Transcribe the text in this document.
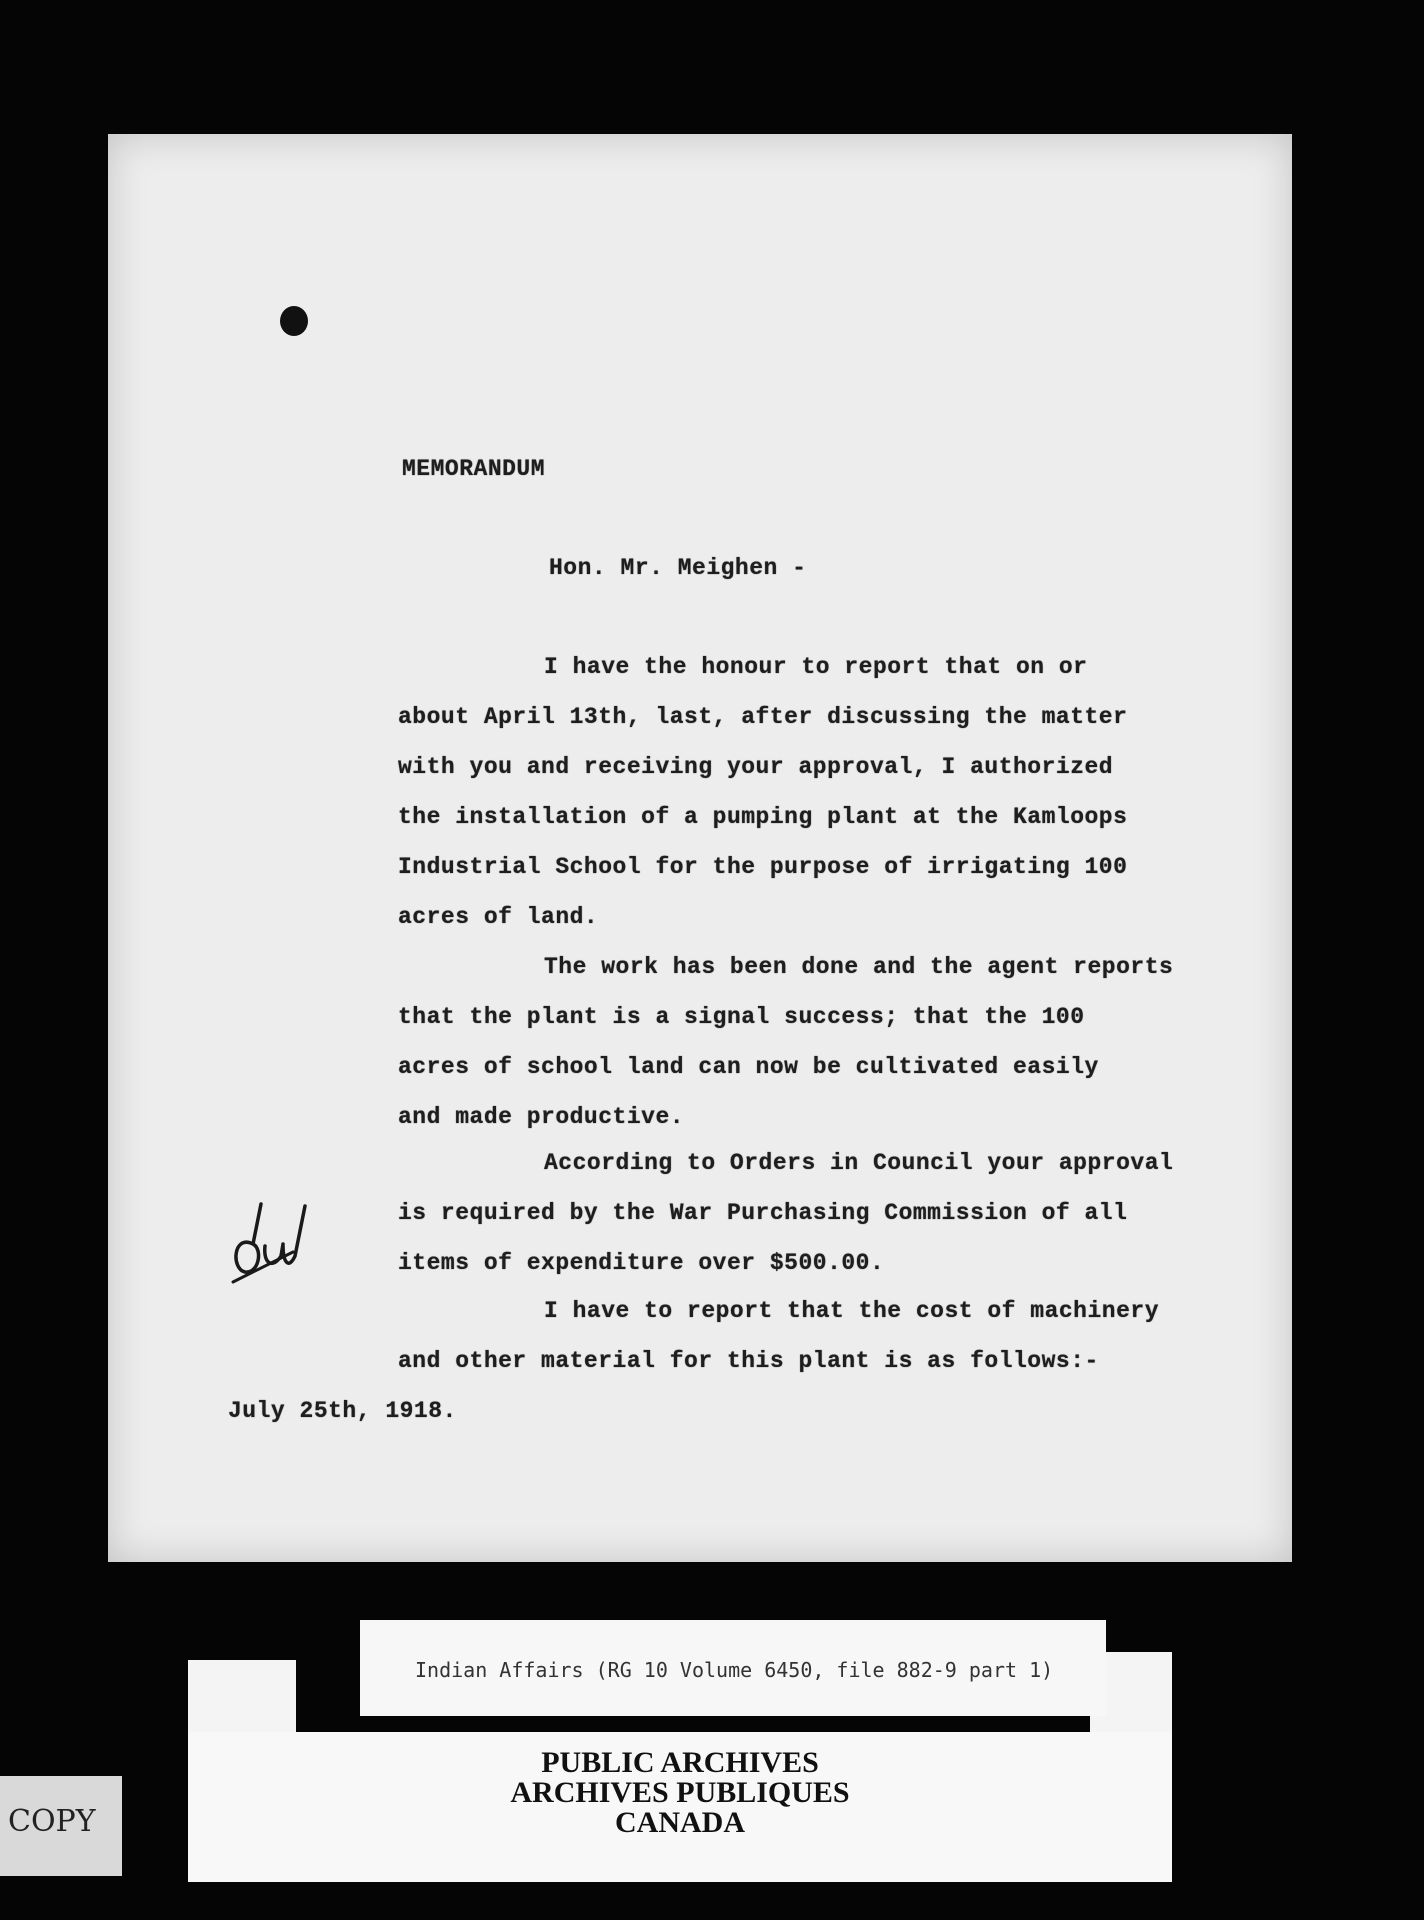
MEMORANDUM
Hon. Mr. Meighen -
I have the honour to report that on or
about April 13th, last, after discussing the matter
with you and receiving your approval, I authorized
the installation of a pumping plant at the Kamloops
Industrial School for the purpose of irrigating 100
acres of land.
The work has been done and the agent reports
that the plant is a signal success; that the 100
acres of school land can now be cultivated easily
and made productive.
According to Orders in Council your approval
is required by the War Purchasing Commission of all
items of expenditure over $500.00.
I have to report that the cost of machinery
and other material for this plant is as follows:-
July 25th, 1918.
Indian Affairs (RG 10 Volume 6450, file 882-9 part 1)
PUBLIC ARCHIVES
ARCHIVES PUBLIQUES
CANADA
COPY
